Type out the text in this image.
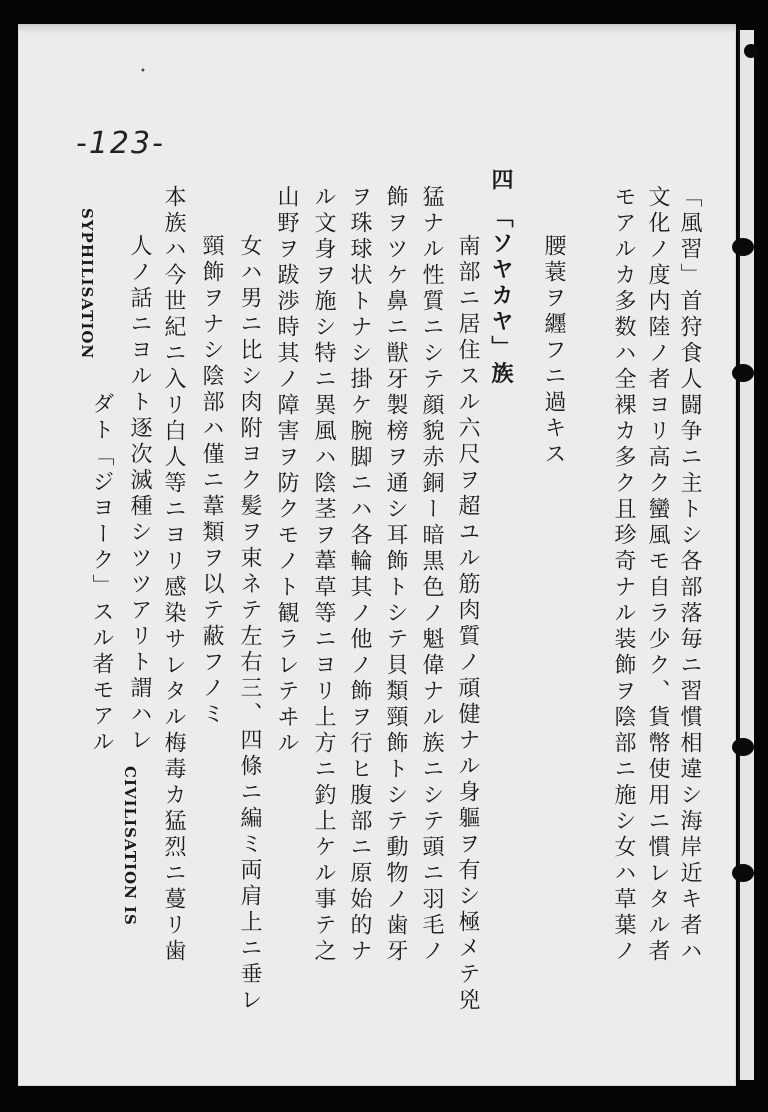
•
-123-
モアルカ多数ハ全裸カ多ク且珍奇ナル装飾ヲ陰部ニ施シ女ハ草葉ノ 文化ノ度内陸ノ者ヨリ高ク蠻風モ自ラ少ク、貨幣使用ニ慣レタル者 「風習」首狩食人闘争ニ主トシ各部落毎ニ習慣相違シ海岸近キ者ハ
腰蓑ヲ纒フニ過キス
四 「ソヤカヤ」族
南部ニ居住スル六尺ヲ超ユル筋肉質ノ頑健ナル身軀ヲ有シ極メテ兇
猛ナル性質ニシテ顔貌赤銅ー暗黒色ノ魁偉ナル族ニシテ頭ニ羽毛ノ
飾ヲツケ鼻ニ獣牙製榜ヲ通シ耳飾トシテ貝類頸飾トシテ動物ノ歯牙
ヲ珠球状トナシ掛ケ腕脚ニハ各輪其ノ他ノ飾ヲ行ヒ腹部ニ原始的ナ
ル文身ヲ施シ特ニ異風ハ陰茎ヲ葦草等ニヨリ上方ニ釣上ケル事テ之
山野ヲ跋渉時其ノ障害ヲ防クモノト観ラレテヰル
女ハ男ニ比シ肉附ヨク髪ヲ束ネテ左右三、四條ニ編ミ両肩上ニ垂レ
頸飾ヲナシ陰部ハ僅ニ葦類ヲ以テ蔽フノミ
本族ハ今世紀ニ入リ白人等ニヨリ感染サレタル梅毒カ猛烈ニ蔓リ歯
人ノ話ニヨルト逐次滅種シツツアリト謂ハレ
ダト「ジヨーク」スル者モアル
SYPHILISATION
CIVILISATION IS
